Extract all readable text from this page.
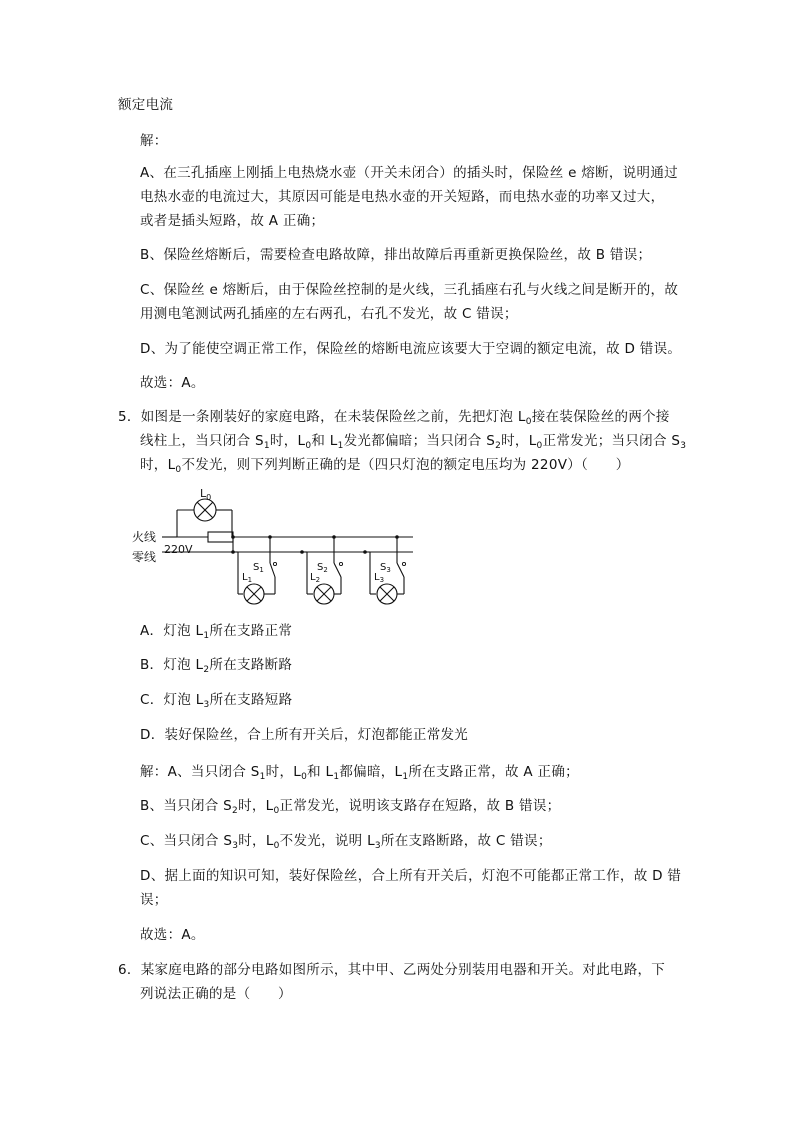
额定电流
解：
A、在三孔插座上刚插上电热烧水壶（开关未闭合）的插头时，保险丝 e 熔断，说明通过
电热水壶的电流过大，其原因可能是电热水壶的开关短路，而电热水壶的功率又过大，
或者是插头短路，故 A 正确；
B、保险丝熔断后，需要检查电路故障，排出故障后再重新更换保险丝，故 B 错误；
C、保险丝 e 熔断后，由于保险丝控制的是火线，三孔插座右孔与火线之间是断开的，故
用测电笔测试两孔插座的左右两孔，右孔不发光，故 C 错误；
D、为了能使空调正常工作，保险丝的熔断电流应该要大于空调的额定电流，故 D 错误。
故选：A。
5．如图是一条刚装好的家庭电路，在未装保险丝之前，先把灯泡 $L_0$接在装保险丝的两个接
线柱上，当只闭合 $S_1$时，$L_0$和 $L_1$发光都偏暗；当只闭合 $S_2$时，$L_0$正常发光；当只闭合 $S_3$
时，$L_0$不发光，则下列判断正确的是（四只灯泡的额定电压均为 220V）（　　）
$L_0$
火线
零线
220V
$S_1$	$S_2$	$S_3$
$L_1$	$L_2$	$L_3$
A．灯泡 $L_1$所在支路正常
B．灯泡 $L_2$所在支路断路
C．灯泡 $L_3$所在支路短路
D．装好保险丝，合上所有开关后，灯泡都能正常发光
解：A、当只闭合 $S_1$时，$L_0$和 $L_1$都偏暗，$L_1$所在支路正常，故 A 正确；
B、当只闭合 $S_2$时，$L_0$正常发光，说明该支路存在短路，故 B 错误；
C、当只闭合 $S_3$时，$L_0$不发光，说明 $L_3$所在支路断路，故 C 错误；
D、据上面的知识可知，装好保险丝，合上所有开关后，灯泡不可能都正常工作，故 D 错
误；
故选：A。
6．某家庭电路的部分电路如图所示，其中甲、乙两处分别装用电器和开关。对此电路，下
列说法正确的是（　　）
